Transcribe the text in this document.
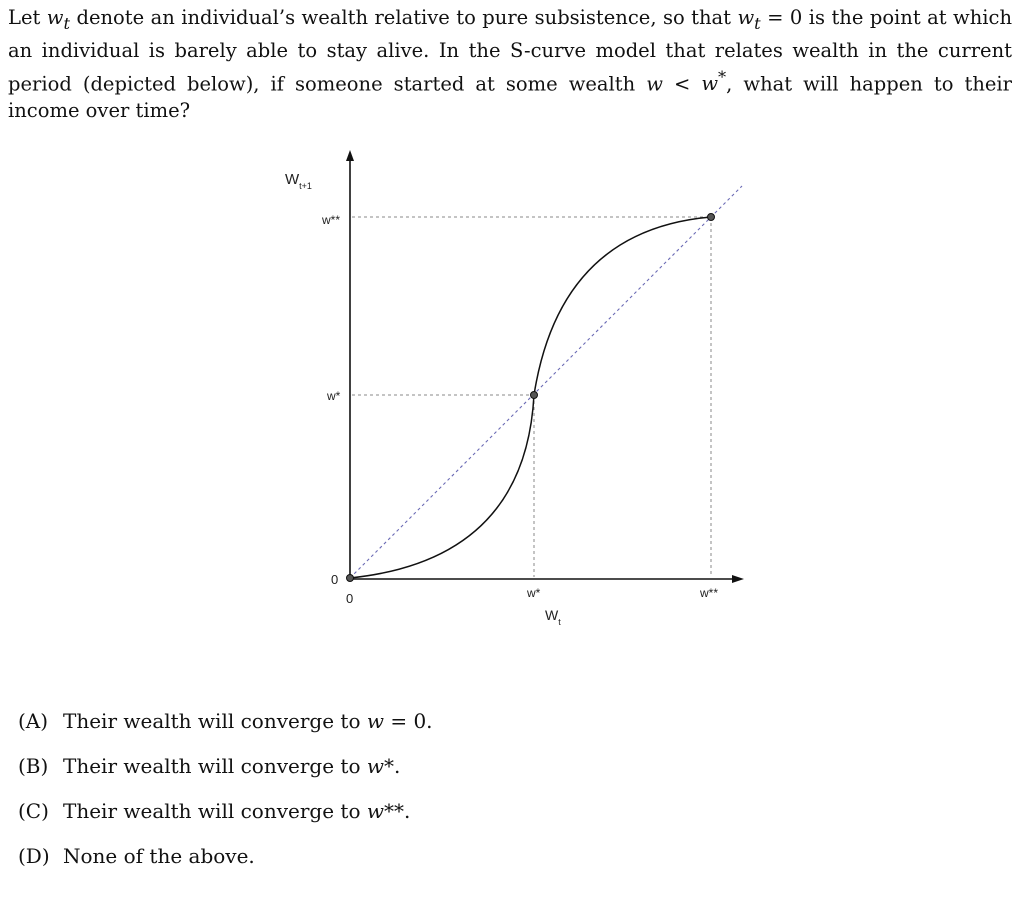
Let $w_t$ denote an individual’s wealth relative to pure subsistence, so that $w_t = 0$ is the point at which an individual is barely able to stay alive. In the S-curve model that relates wealth in the current period (depicted below), if someone started at some wealth w < w*, what will happen to their income over time?

$W_{t+1}$
w**
w*
0
0	w*	w**
$W_t$
(A) Their wealth will converge to w = 0.
(B) Their wealth will converge to w*.
(C) Their wealth will converge to w**.
(D) None of the above.
